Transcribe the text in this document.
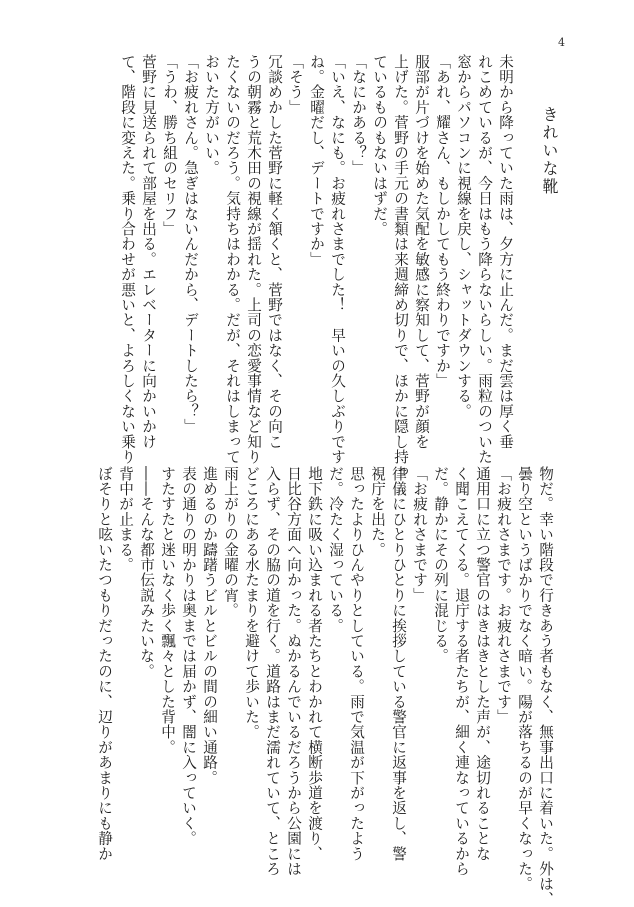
4
きれいな靴

未明から降っていた雨は、夕方に止んだ。まだ雲は厚く垂

れこめているが、今日はもう降らないらしい。雨粒のついた

窓からパソコンに視線を戻し、シャットダウンする。

「あれ、耀さん、もしかしてもう終わりですか」

服部が片づけを始めた気配を敏感に察知して、菅野が顔を

上げた。菅野の手元の書類は来週締め切りで、ほかに隠し持っ

ているものもないはずだ。

「なにかある？」

「いえ、なにも。お疲れさまでした！　早いの久しぶりです

ね。金曜だし、デートですか」

「そう」

冗談めかした菅野に軽く頷くと、菅野ではなく、その向こ

うの朝霧と荒木田の視線が揺れた。上司の恋愛事情など知り

たくないのだろう。気持ちはわかる。だが、それはしまって

おいた方がいい。

「お疲れさん。急ぎはないんだから、デートしたら？」

「うわ、勝ち組のセリフ」

菅野に見送られて部屋を出る。エレベーターに向かいかけ

て、階段に変えた。乗り合わせが悪いと、よろしくない乗り

物だ。幸い階段で行きあう者もなく、無事出口に着いた。外は、

曇り空というばかりでなく暗い。陽が落ちるのが早くなった。

「お疲れさまです。お疲れさまです」

通用口に立つ警官のはきはきとした声が、途切れることな

く聞こえてくる。退庁する者たちが、細く連なっているから

だ。静かにその列に混じる。

「お疲れさまです」

律儀にひとりひとりに挨拶している警官に返事を返し、警

視庁を出た。

思ったよりひんやりとしている。雨で気温が下がったよう

だ。冷たく湿っている。

地下鉄に吸い込まれる者たちとわかれて横断歩道を渡り、

日比谷方面へ向かった。ぬかるんでいるだろうから公園には

入らず、その脇の道を行く。道路はまだ濡れていて、ところ

どころにある水たまりを避けて歩いた。

雨上がりの金曜の宵。

進めるのか躊躇うビルとビルの間の細い通路。

表の通りの明かりは奥までは届かず、闇に入っていく。

すたすたと迷いなく歩く飄々とした背中。

――そんな都市伝説みたいな。

背中が止まる。

ぼそりと呟いたつもりだったのに、辺りがあまりにも静か
